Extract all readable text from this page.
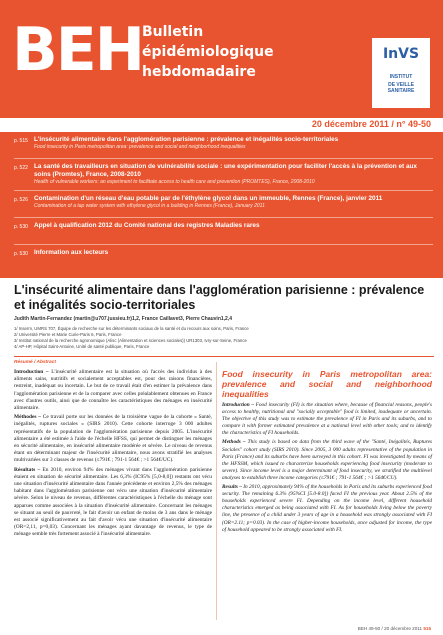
BEH Bulletin
épidémiologique
hebdomadaire
InVS
INSTITUT
DE VEILLE SANITAIRE
20 décembre 2011 / n° 49-50
p. 515 L'insécurité alimentaire dans l'agglomération parisienne : prévalence et inégalités socio-territoriales
Food insecurity in Paris metropolitan area: prevalence and social and neighborhood inequalities
p. 522 La santé des travailleurs en situation de vulnérabilité sociale : une expérimentation pour faciliter l'accès à la prévention et aux soins (Promtes), France, 2008-2010
Health of vulnerable workers: an experiment to facilitate access to health care and prevention (PROMTES), France, 2008-2010
p. 526 Contamination d'un réseau d'eau potable par de l'éthylène glycol dans un immeuble, Rennes (France), janvier 2011
Contamination of a tap water system with ethylene glycol in a building in Rennes (France), January 2011
p. 530 Appel à qualification 2012 du Comité national des registres Maladies rares
p. 530 Information aux lecteurs
L'insécurité alimentaire dans l'agglomération parisienne : prévalence et inégalités socio-territoriales
Judith Martin-Fernandez (martin@u707.jussieu.fr)1,2, France Caillavet3, Pierre Chauvin1,2,4
1/ Inserm, UMRS 707, Équipe de recherche sur les déterminants sociaux de la santé et du recours aux soins, Paris, France
2/ Université Pierre et Marie Curie-Paris 6, Paris, France
3/ Institut national de la recherche agronomique (Alisс (Alimentation et sciences sociales)) UR1303, Ivry-sur-Seine, France
4/ AP-HP, Hôpital Saint-Antoine, Unité de santé publique, Paris, France
Résumé / Abstract

Introduction – L'insécurité alimentaire est la situation où l'accès des individus à des aliments sains, nutritifs et socialement acceptables est, pour des raisons financières, restreint, inadéquat ou incertain. Le but de ce travail était d'en estimer la prévalence dans l'agglomération parisienne et de la comparer avec celles préalablement obtenues en France avec d'autres outils, ainsi que de connaître les caractéristiques des ménages en insécurité alimentaire.

Méthodes – Ce travail porte sur les données de la troisième vague de la cohorte « Santé, inégalités, ruptures sociales » (SIRS 2010). Cette cohorte interroge 3 000 adultes représentatifs de la population de l'agglomération parisienne depuis 2005. L'insécurité alimentaire a été estimée à l'aide de l'échelle HFSS, qui permet de distinguer les ménages en sécurité alimentaire, en insécurité alimentaire modérée et sévère. Le niveau de revenus étant un déterminant majeur de l'insécurité alimentaire, nous avons stratifié les analyses multivariées sur 3 classes de revenus (≤791€ ; 791-1 564€ ; >1 564€/UC).

Résultats – En 2010, environ 94% des ménages vivant dans l'agglomération parisienne étaient en situation de sécurité alimentaire. Les 6,3% (IC95% [5,0-8,0]) restants ont vécu une situation d'insécurité alimentaire dans l'année précédente et environ 2,5% des ménages habitant dans l'agglomération parisienne ont vécu une situation d'insécurité alimentaire sévère. Selon le niveau de revenus, différentes caractéristiques à l'échelle du ménage sont apparues comme associées à la situation d'insécurité alimentaire. Concernant les ménages se situant au seuil de pauvreté, le fait d'avoir un enfant de moins de 3 ans dans le ménage est associé significativement au fait d'avoir vécu une situation d'insécurité alimentaire (OR=2,11, p=0,03). Concernant les ménages ayant davantage de revenus, le type de ménage semble très fortement associé à l'insécurité alimentaire.

Food insecurity in Paris metropolitan area: prevalence and social and neighborhood inequalities

Introduction – Food insecurity (FI) is the situation where, because of financial reasons, people's access to healthy, nutritional and "socially acceptable" food is limited, inadequate or uncertain. The objective of this study was to estimate the prevalence of FI in Paris and its suburbs, and to compare it with former estimated prevalence at a national level with other tools; and to identify the characteristics of FI households.

Methods – This study is based on data from the third wave of the "Santé, Inégalités, Ruptures Sociales" cohort study (SIRS 2010). Since 2005, 3 000 adults representative of the population in Paris (France) and its suburbs have been surveyed in this cohort. FI was investigated by means of the HFSSM, which issued to characterize households experiencing food insecurity (moderate to severe). Since income level is a major determinant of food insecurity, we stratified the multilevel analyses to establish three income categories (≤791€ ; 791-1 564€ ; >1 564€/CU).

Results – In 2010, approximately 94% of the households in Paris and its suburbs experienced food security. The remaining 6.3% (95%CI [5.0-8.0]) faced FI the previous year. About 2.5% of the households experienced severe FI. Depending on the income level, different household characteristics emerged as being associated with FI. As for households living below the poverty line, the presence of a child under 3 years of age in a household was strongly associated with FI (OR=2.11; p=0.03). In the case of higher-income households, once adjusted for income, the type of household appeared to be strongly associated with FI.

BEH 49-50 / 20 décembre 2011 515
